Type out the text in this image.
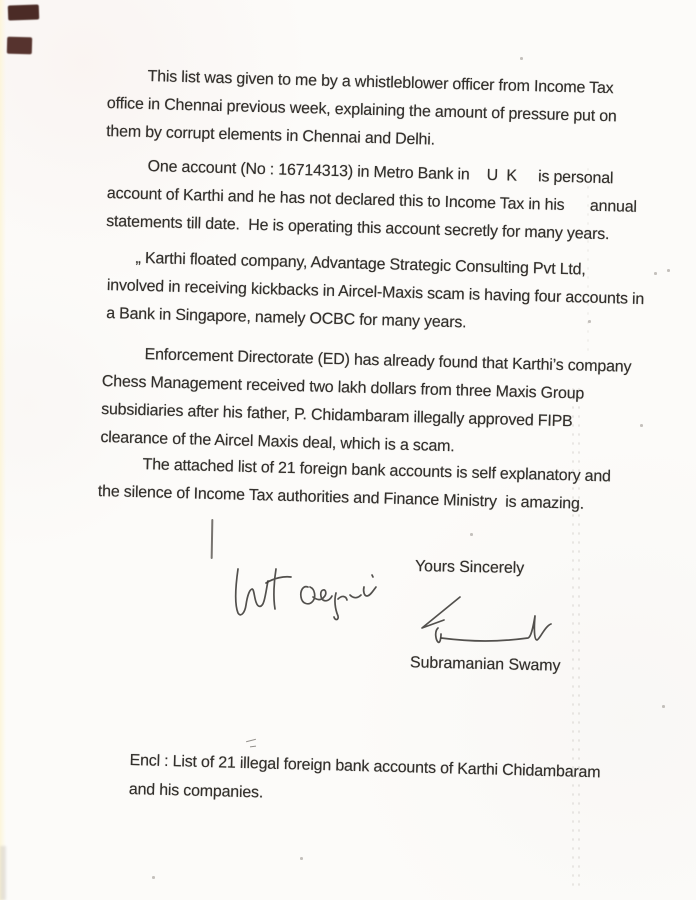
This list was given to me by a whistleblower officer from Income Tax
office in Chennai previous week, explaining the amount of pressure put on
them by corrupt elements in Chennai and Delhi.
One account (No : 16714313) in Metro Bank in    U  K     is personal
account of Karthi and he has not declared this to Income Tax in his      annual
statements till date.  He is operating this account secretly for many years.
„ Karthi floated company, Advantage Strategic Consulting Pvt Ltd,
involved in receiving kickbacks in Aircel-Maxis scam is having four accounts in
a Bank in Singapore, namely OCBC for many years.
Enforcement Directorate (ED) has already found that Karthi’s company
Chess Management received two lakh dollars from three Maxis Group
subsidiaries after his father, P. Chidambaram illegally approved FIPB
clearance of the Aircel Maxis deal, which is a scam.
The attached list of 21 foreign bank accounts is self explanatory and
the silence of Income Tax authorities and Finance Ministry  is amazing.
Yours Sincerely
Subramanian Swamy
Encl : List of 21 illegal foreign bank accounts of Karthi Chidambaram
and his companies.
